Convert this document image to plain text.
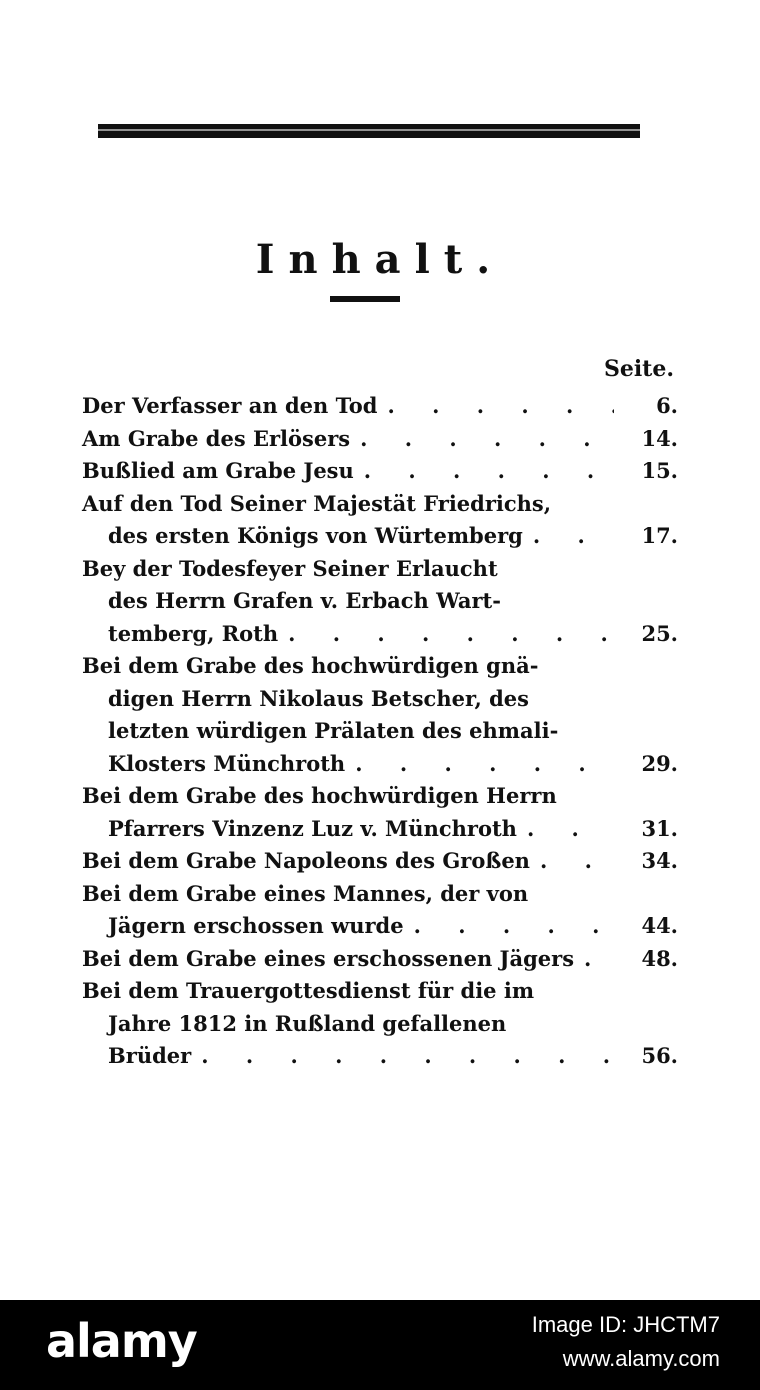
Inhalt.
Seite.
Der Verfasser an den Tod . . .	6.
Am Grabe des Erlösers . . .	14.
Bußlied am Grabe Jesu . . .	15.
Auf den Tod Seiner Majestät Friedrichs,
des ersten Königs von Würtemberg . . .	17.
Bey der Todesfeyer Seiner Erlaucht
des Herrn Grafen v. Erbach Wart-
temberg, Roth . . .	25.
Bei dem Grabe des hochwürdigen gnä-
digen Herrn Nikolaus Betscher, des
letzten würdigen Prälaten des ehmali-
Klosters Münchroth . . .	29.
Bei dem Grabe des hochwürdigen Herrn
Pfarrers Vinzenz Luz v. Münchroth . . .	31.
Bei dem Grabe Napoleons des Großen . . .	34.
Bei dem Grabe eines Mannes, der von
Jägern erschossen wurde . . .	44.
Bei dem Grabe eines erschossenen Jägers . . .	48.
Bei dem Trauergottesdienst für die im
Jahre 1812 in Rußland gefallenen
Brüder . . .	56.
alamy	Image ID: JHCTM7
www.alamy.com
